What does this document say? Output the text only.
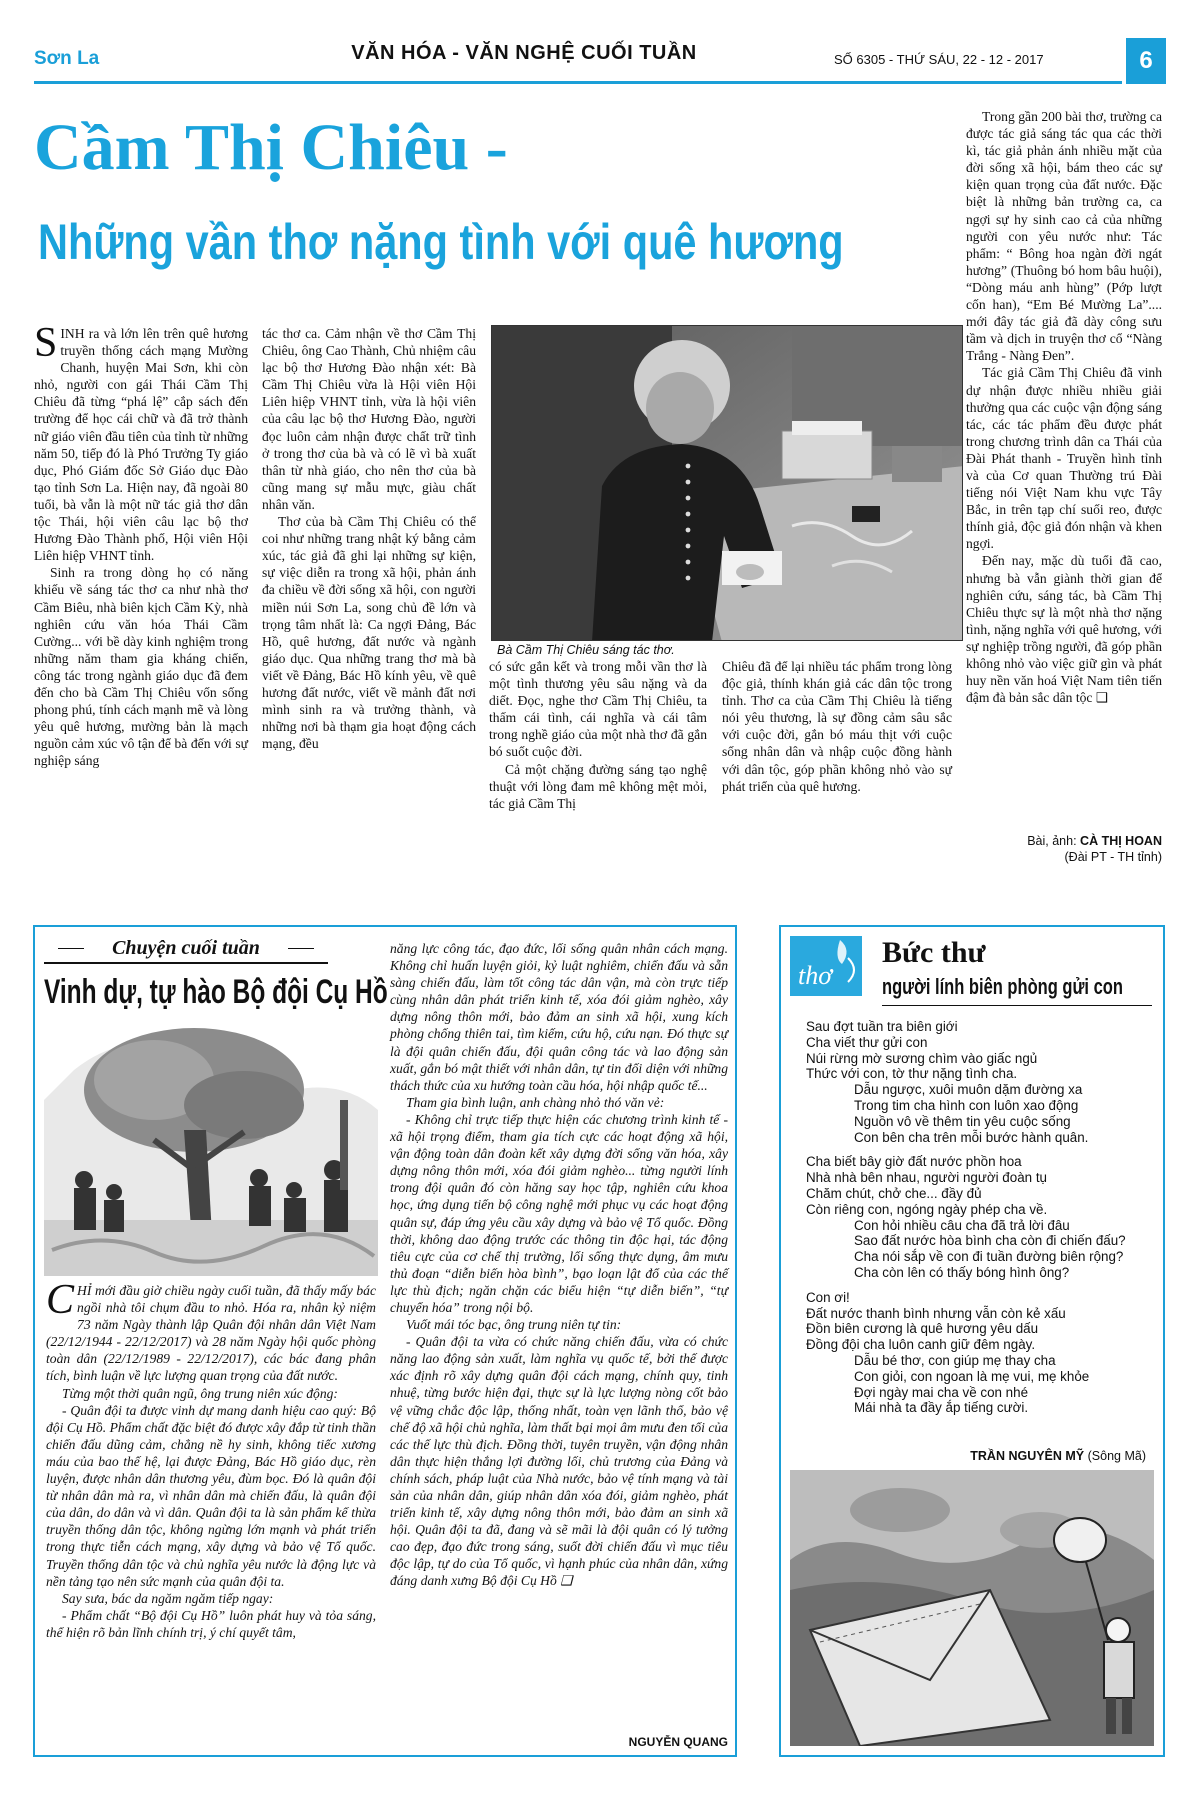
Sơn La	VĂN HÓA - VĂN NGHỆ CUỐI TUẦN	SỐ 6305 - THỨ SÁU, 22 - 12 - 2017	6
Cầm Thị Chiêu -
Những vần thơ nặng tình với quê hương

SINH ra và lớn lên trên quê hương truyền thống cách mạng Mường Chanh, huyện Mai Sơn, khi còn nhỏ, người con gái Thái Cầm Thị Chiêu đã từng “phá lệ” cắp sách đến trường để học cái chữ và đã trở thành nữ giáo viên đầu tiên của tỉnh từ những năm 50, tiếp đó là Phó Trưởng Ty giáo dục, Phó Giám đốc Sở Giáo dục Đào tạo tỉnh Sơn La. Hiện nay, đã ngoài 80 tuổi, bà vẫn là một nữ tác giả thơ dân tộc Thái, hội viên câu lạc bộ thơ Hương Đào Thành phố, Hội viên Hội Liên hiệp VHNT tỉnh.

Sinh ra trong dòng họ có năng khiếu về sáng tác thơ ca như nhà thơ Cầm Biêu, nhà biên kịch Cầm Kỳ, nhà nghiên cứu văn hóa Thái Cầm Cường... với bề dày kinh nghiệm trong những năm tham gia kháng chiến, công tác trong ngành giáo dục đã đem đến cho bà Cầm Thị Chiêu vốn sống phong phú, tính cách mạnh mẽ và lòng yêu quê hương, mường bản là mạch nguồn cảm xúc vô tận để bà đến với sự nghiệp sáng

tác thơ ca. Cảm nhận về thơ Cầm Thị Chiêu, ông Cao Thành, Chủ nhiệm câu lạc bộ thơ Hương Đào nhận xét: Bà Cầm Thị Chiêu vừa là Hội viên Hội Liên hiệp VHNT tỉnh, vừa là hội viên của câu lạc bộ thơ Hương Đào, người đọc luôn cảm nhận được chất trữ tình ở trong thơ của bà và có lẽ vì bà xuất thân từ nhà giáo, cho nên thơ của bà cũng mang sự mẫu mực, giàu chất nhân văn.

Thơ của bà Cầm Thị Chiêu có thể coi như những trang nhật ký bằng cảm xúc, tác giả đã ghi lại những sự kiện, sự việc diễn ra trong xã hội, phản ánh đa chiều về đời sống xã hội, con người miền núi Sơn La, song chủ đề lớn và trọng tâm nhất là: Ca ngợi Đảng, Bác Hồ, quê hương, đất nước và ngành giáo dục. Qua những trang thơ mà bà viết về Đảng, Bác Hồ kính yêu, về quê hương đất nước, viết về mảnh đất nơi mình sinh ra và trưởng thành, và những nơi bà thạm gia hoạt động cách mạng, đều

Bà Cầm Thị Chiêu sáng tác thơ.

có sức gắn kết và trong mỗi vần thơ là một tình thương yêu sâu nặng và da diết. Đọc, nghe thơ Cầm Thị Chiêu, ta thấm cái tình, cái nghĩa và cái tâm trong nghề giáo của một nhà thơ đã gắn bó suốt cuộc đời.

Cả một chặng đường sáng tạo nghệ thuật với lòng đam mê không mệt mỏi, tác giả Cầm Thị

Chiêu đã để lại nhiều tác phẩm trong lòng độc giả, thính khán giả các dân tộc trong tỉnh. Thơ ca của Cầm Thị Chiêu là tiếng nói yêu thương, là sự đồng cảm sâu sắc với cuộc đời, gắn bó máu thịt với cuộc sống nhân dân và nhập cuộc đồng hành với dân tộc, góp phần không nhỏ vào sự phát triển của quê hương.

Trong gần 200 bài thơ, trường ca được tác giả sáng tác qua các thời kì, tác giả phản ánh nhiều mặt của đời sống xã hội, bám theo các sự kiện quan trọng của đất nước. Đặc biệt là những bản trường ca, ca ngợi sự hy sinh cao cả của những người con yêu nước như: Tác phẩm: “ Bông hoa ngàn đời ngát hương” (Thuông bó hom bâu huội), “Dòng máu anh hùng” (Pớp lượt cốn han), “Em Bé Mường La”.... mới đây tác giả đã dày công sưu tầm và dịch in truyện thơ cổ “Nàng Trắng - Nàng Đen”.

Tác giả Cầm Thị Chiêu đã vinh dự nhận được nhiều nhiều giải thưởng qua các cuộc vận động sáng tác, các tác phẩm đều được phát trong chương trình dân ca Thái của Đài Phát thanh - Truyền hình tỉnh và của Cơ quan Thường trú Đài tiếng nói Việt Nam khu vực Tây Bắc, in trên tạp chí suối reo, được thính giả, độc giả đón nhận và khen ngợi.

Đến nay, mặc dù tuổi đã cao, nhưng bà vẫn giành thời gian để nghiên cứu, sáng tác, bà Cầm Thị Chiêu thực sự là một nhà thơ nặng tình, nặng nghĩa với quê hương, với sự nghiệp trồng người, đã góp phần không nhỏ vào việc giữ gìn và phát huy nền văn hoá Việt Nam tiên tiến đậm đà bản sắc dân tộc ❑

Bài, ảnh: CÀ THỊ HOAN
(Đài PT - TH tỉnh)
Chuyện cuối tuần
Vinh dự, tự hào Bộ đội Cụ Hồ

CHỈ mới đầu giờ chiều ngày cuối tuần, đã thấy mấy bác ngồi nhà tôi chụm đầu to nhỏ. Hóa ra, nhân kỷ niệm 73 năm Ngày thành lập Quân đội nhân dân Việt Nam (22/12/1944 - 22/12/2017) và 28 năm Ngày hội quốc phòng toàn dân (22/12/1989 - 22/12/2017), các bác đang phân tích, bình luận về lực lượng quan trọng của đất nước.

Từng một thời quân ngũ, ông trung niên xúc động:

- Quân đội ta được vinh dự mang danh hiệu cao quý: Bộ đội Cụ Hồ. Phẩm chất đặc biệt đó được xây đắp từ tinh thần chiến đấu dũng cảm, chẳng nề hy sinh, không tiếc xương máu của bao thế hệ, lại được Đảng, Bác Hồ giáo dục, rèn luyện, được nhân dân thương yêu, đùm bọc. Đó là quân đội từ nhân dân mà ra, vì nhân dân mà chiến đấu, là quân đội của dân, do dân và vì dân. Quân đội ta là sản phẩm kế thừa truyền thống dân tộc, không ngừng lớn mạnh và phát triển trong thực tiễn cách mạng, xây dựng và bảo vệ Tổ quốc. Truyền thống dân tộc và chủ nghĩa yêu nước là động lực và nền tảng tạo nên sức mạnh của quân đội ta.

Say sưa, bác da ngăm ngăm tiếp ngay:

- Phẩm chất “Bộ đội Cụ Hồ” luôn phát huy và tỏa sáng, thể hiện rõ bản lĩnh chính trị, ý chí quyết tâm,

năng lực công tác, đạo đức, lối sống quân nhân cách mạng. Không chỉ huấn luyện giỏi, kỷ luật nghiêm, chiến đấu và sẵn sàng chiến đấu, làm tốt công tác dân vận, mà còn trực tiếp cùng nhân dân phát triển kinh tế, xóa đói giảm nghèo, xây dựng nông thôn mới, bảo đảm an sinh xã hội, xung kích phòng chống thiên tai, tìm kiếm, cứu hộ, cứu nạn. Đó thực sự là đội quân chiến đấu, đội quân công tác và lao động sản xuất, gắn bó mật thiết với nhân dân, tự tin đối diện với những thách thức của xu hướng toàn cầu hóa, hội nhập quốc tế...

Tham gia bình luận, anh chàng nhỏ thó văn vẻ:

- Không chỉ trực tiếp thực hiện các chương trình kinh tế - xã hội trọng điểm, tham gia tích cực các hoạt động xã hội, vận động toàn dân đoàn kết xây dựng đời sống văn hóa, xây dựng nông thôn mới, xóa đói giảm nghèo... từng người lính trong đội quân đó còn hăng say học tập, nghiên cứu khoa học, ứng dụng tiến bộ công nghệ mới phục vụ các hoạt động quân sự, đáp ứng yêu cầu xây dựng và bảo vệ Tổ quốc. Đồng thời, không dao động trước các thông tin độc hại, tác động tiêu cực của cơ chế thị trường, lối sống thực dụng, âm mưu thủ đoạn “diễn biến hòa bình”, bạo loạn lật đổ của các thế lực thù địch; ngăn chặn các biểu hiện “tự diễn biến”, “tự chuyển hóa” trong nội bộ.

Vuốt mái tóc bạc, ông trung niên tự tin:

- Quân đội ta vừa có chức năng chiến đấu, vừa có chức năng lao động sản xuất, làm nghĩa vụ quốc tế, bởi thế được xác định rõ xây dựng quân đội cách mạng, chính quy, tinh nhuệ, từng bước hiện đại, thực sự là lực lượng nòng cốt bảo vệ vững chắc độc lập, thống nhất, toàn vẹn lãnh thổ, bảo vệ chế độ xã hội chủ nghĩa, làm thất bại mọi âm mưu đen tối của các thế lực thù địch. Đồng thời, tuyên truyền, vận động nhân dân thực hiện thắng lợi đường lối, chủ trương của Đảng và chính sách, pháp luật của Nhà nước, bảo vệ tính mạng và tài sản của nhân dân, giúp nhân dân xóa đói, giảm nghèo, phát triển kinh tế, xây dựng nông thôn mới, bảo đảm an sinh xã hội. Quân đội ta đã, đang và sẽ mãi là đội quân có lý tưởng cao đẹp, đạo đức trong sáng, suốt đời chiến đấu vì mục tiêu độc lập, tự do của Tổ quốc, vì hạnh phúc của nhân dân, xứng đáng danh xưng Bộ đội Cụ Hồ ❑

NGUYỄN QUANG
thơ
Bức thư
người lính biên phòng gửi con
Sau đợt tuần tra biên giới
Cha viết thư gửi con
Núi rừng mờ sương chìm vào giấc ngủ
Thức với con, tờ thư nặng tình cha.
Dẫu ngược, xuôi muôn dặm đường xa
Trong tim cha hình con luôn xao động
Nguồn vô về thêm tin yêu cuộc sống
Con bên cha trên mỗi bước hành quân.
Cha biết bây giờ đất nước phồn hoa
Nhà nhà bên nhau, người người đoàn tụ
Chăm chút, chở che... đầy đủ
Còn riêng con, ngóng ngày phép cha về.
Con hỏi nhiều câu cha đã trả lời đâu
Sao đất nước hòa bình cha còn đi chiến đấu?
Cha nói sắp về con đi tuần đường biên rộng?
Cha còn lên có thấy bóng hình ông?
Con ơi!
Đất nước thanh bình nhưng vẫn còn kẻ xấu
Đồn biên cương là quê hương yêu dấu
Đồng đội cha luôn canh giữ đêm ngày.
Dẫu bé thơ, con giúp mẹ thay cha
Con giỏi, con ngoan là mẹ vui, mẹ khỏe
Đợi ngày mai cha về con nhé
Mái nhà ta đầy ắp tiếng cười.
TRẦN NGUYÊN MỸ (Sông Mã)
